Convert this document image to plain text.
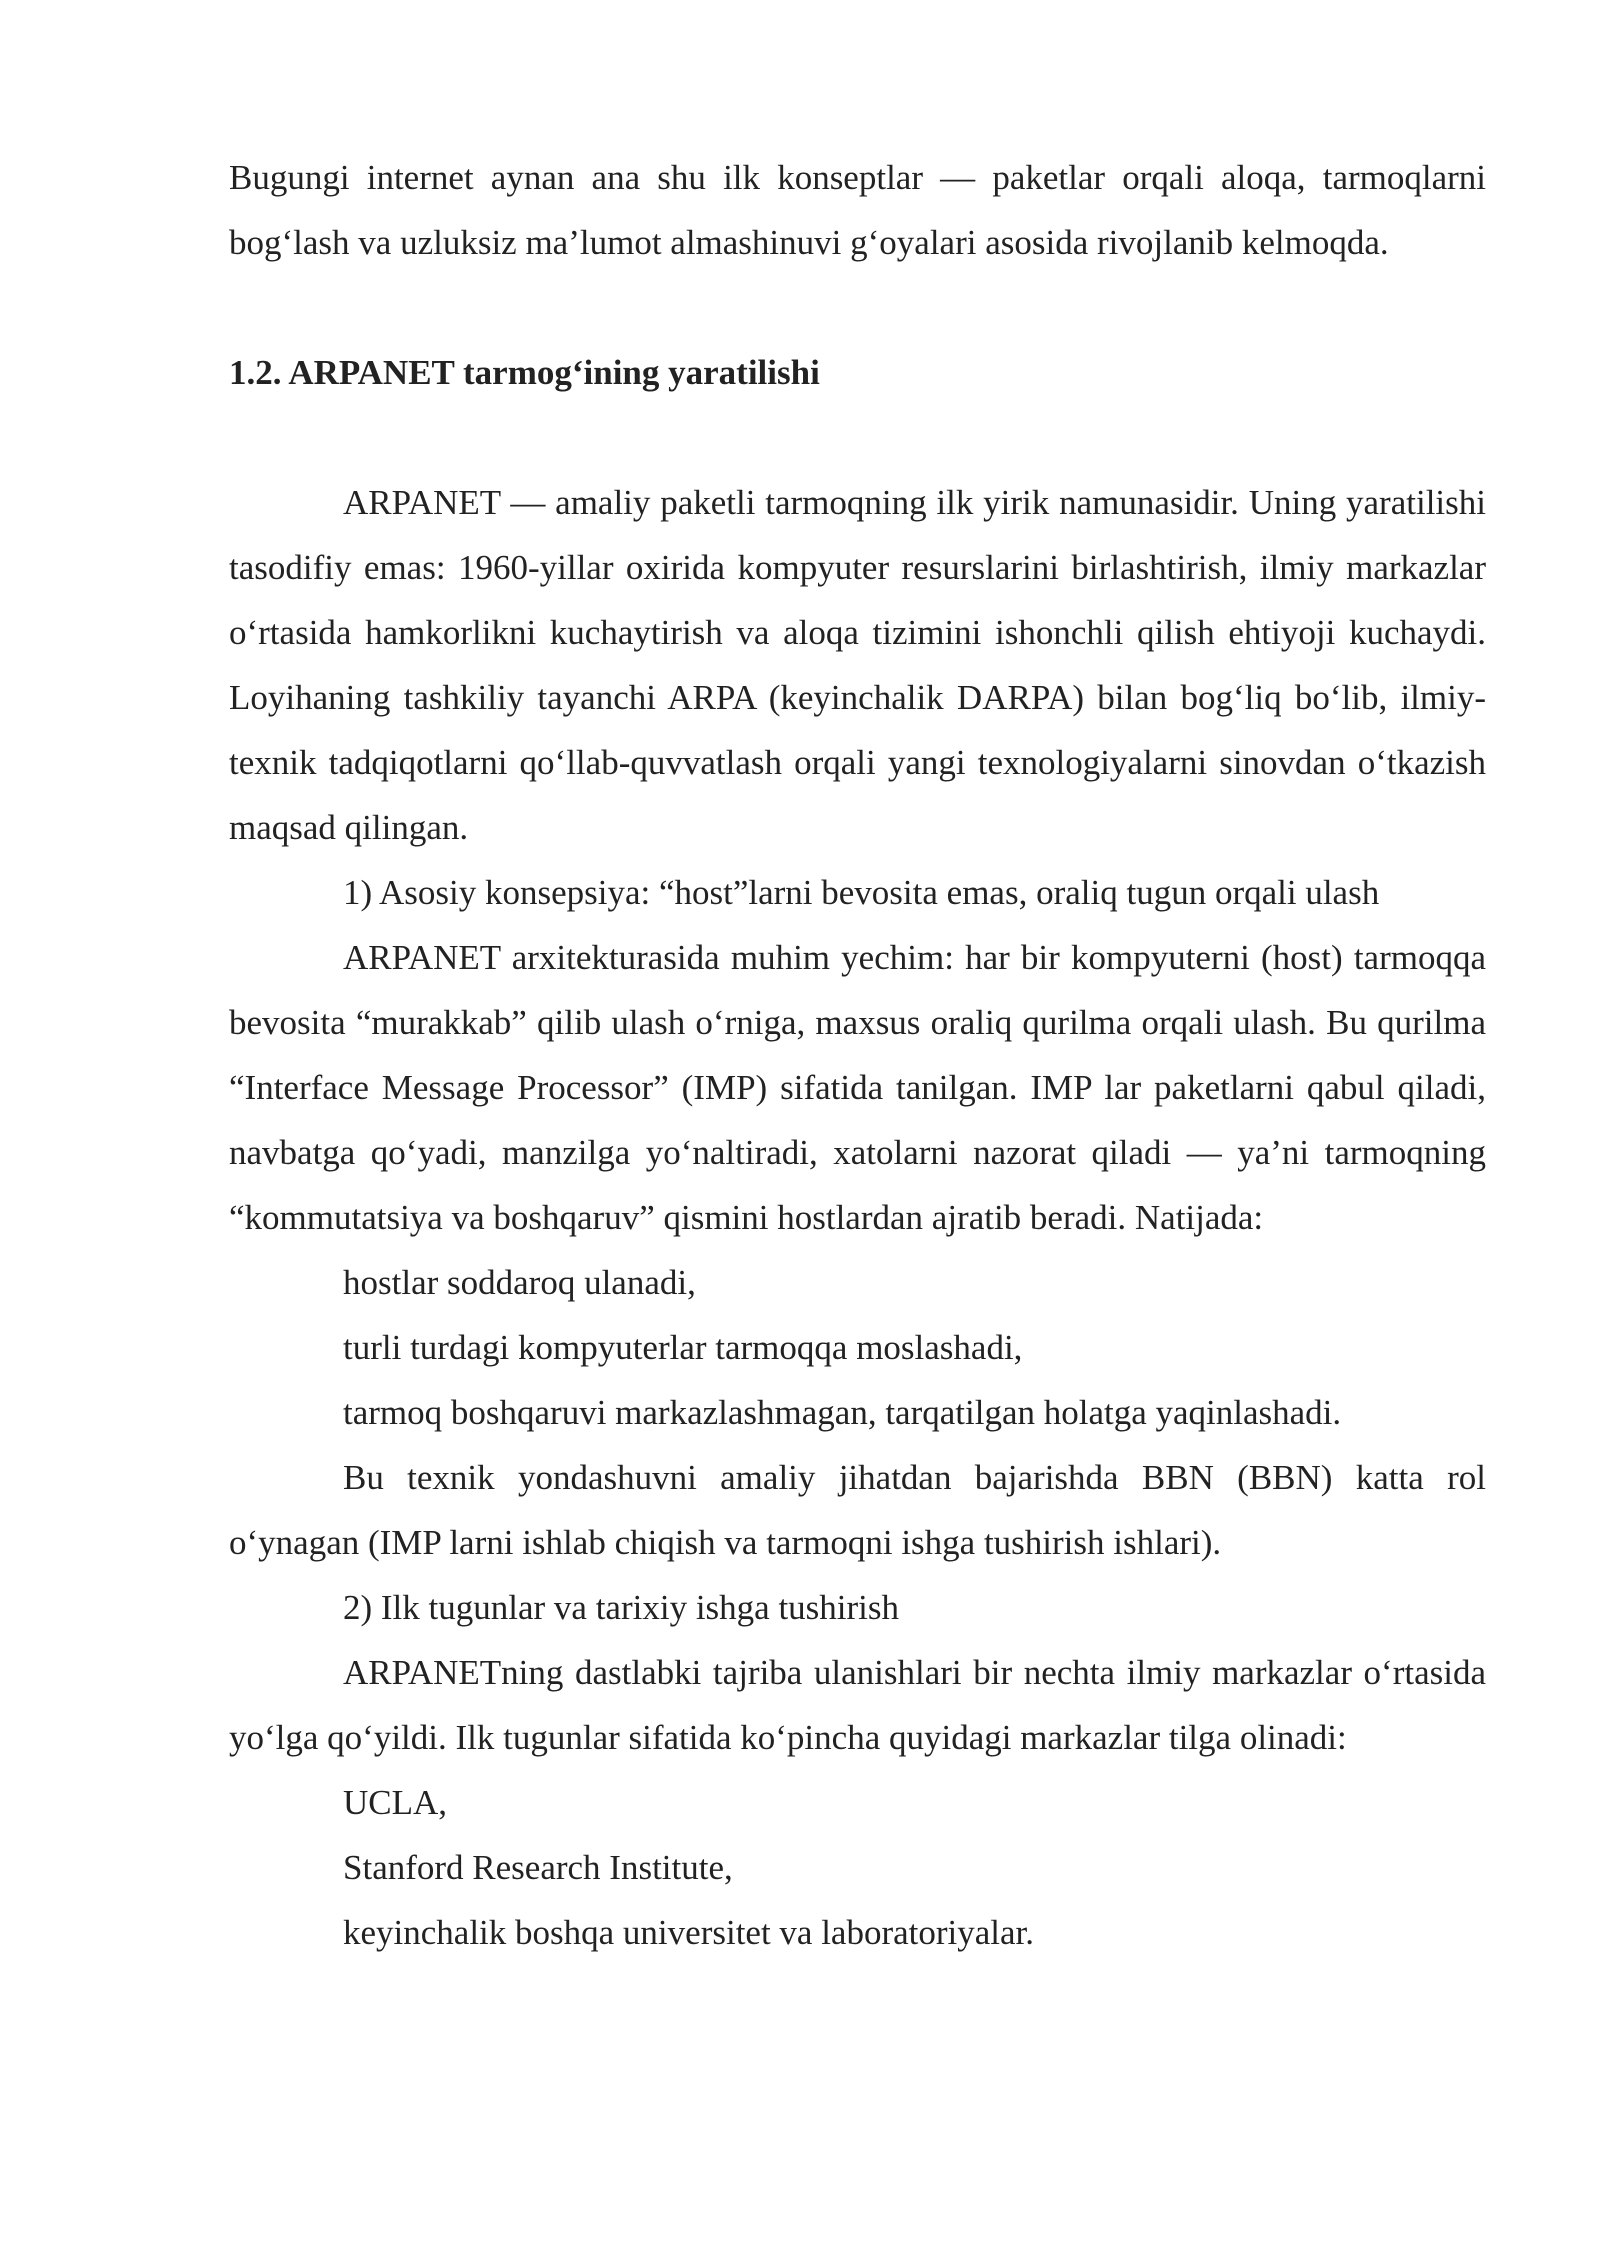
Bugungi internet aynan ana shu ilk konseptlar — paketlar orqali aloqa, tarmoqlarni bog‘lash va uzluksiz ma’lumot almashinuvi g‘oyalari asosida rivojlanib kelmoqda.

1.2. ARPANET tarmog‘ining yaratilishi

ARPANET — amaliy paketli tarmoqning ilk yirik namunasidir. Uning yaratilishi tasodifiy emas: 1960-yillar oxirida kompyuter resurslarini birlashtirish, ilmiy markazlar o‘rtasida hamkorlikni kuchaytirish va aloqa tizimini ishonchli qilish ehtiyoji kuchaydi. Loyihaning tashkiliy tayanchi ARPA (keyinchalik DARPA) bilan bog‘liq bo‘lib, ilmiy-texnik tadqiqotlarni qo‘llab-quvvatlash orqali yangi texnologiyalarni sinovdan o‘tkazish maqsad qilingan.

1) Asosiy konsepsiya: “host”larni bevosita emas, oraliq tugun orqali ulash

ARPANET arxitekturasida muhim yechim: har bir kompyuterni (host) tarmoqqa bevosita “murakkab” qilib ulash o‘rniga, maxsus oraliq qurilma orqali ulash. Bu qurilma “Interface Message Processor” (IMP) sifatida tanilgan. IMP lar paketlarni qabul qiladi, navbatga qo‘yadi, manzilga yo‘naltiradi, xatolarni nazorat qiladi — ya’ni tarmoqning “kommutatsiya va boshqaruv” qismini hostlardan ajratib beradi. Natijada:

hostlar soddaroq ulanadi,

turli turdagi kompyuterlar tarmoqqa moslashadi,

tarmoq boshqaruvi markazlashmagan, tarqatilgan holatga yaqinlashadi.

Bu texnik yondashuvni amaliy jihatdan bajarishda BBN (BBN) katta rol o‘ynagan (IMP larni ishlab chiqish va tarmoqni ishga tushirish ishlari).

2) Ilk tugunlar va tarixiy ishga tushirish

ARPANETning dastlabki tajriba ulanishlari bir nechta ilmiy markazlar o‘rtasida yo‘lga qo‘yildi. Ilk tugunlar sifatida ko‘pincha quyidagi markazlar tilga olinadi:

UCLA,

Stanford Research Institute,

keyinchalik boshqa universitet va laboratoriyalar.
